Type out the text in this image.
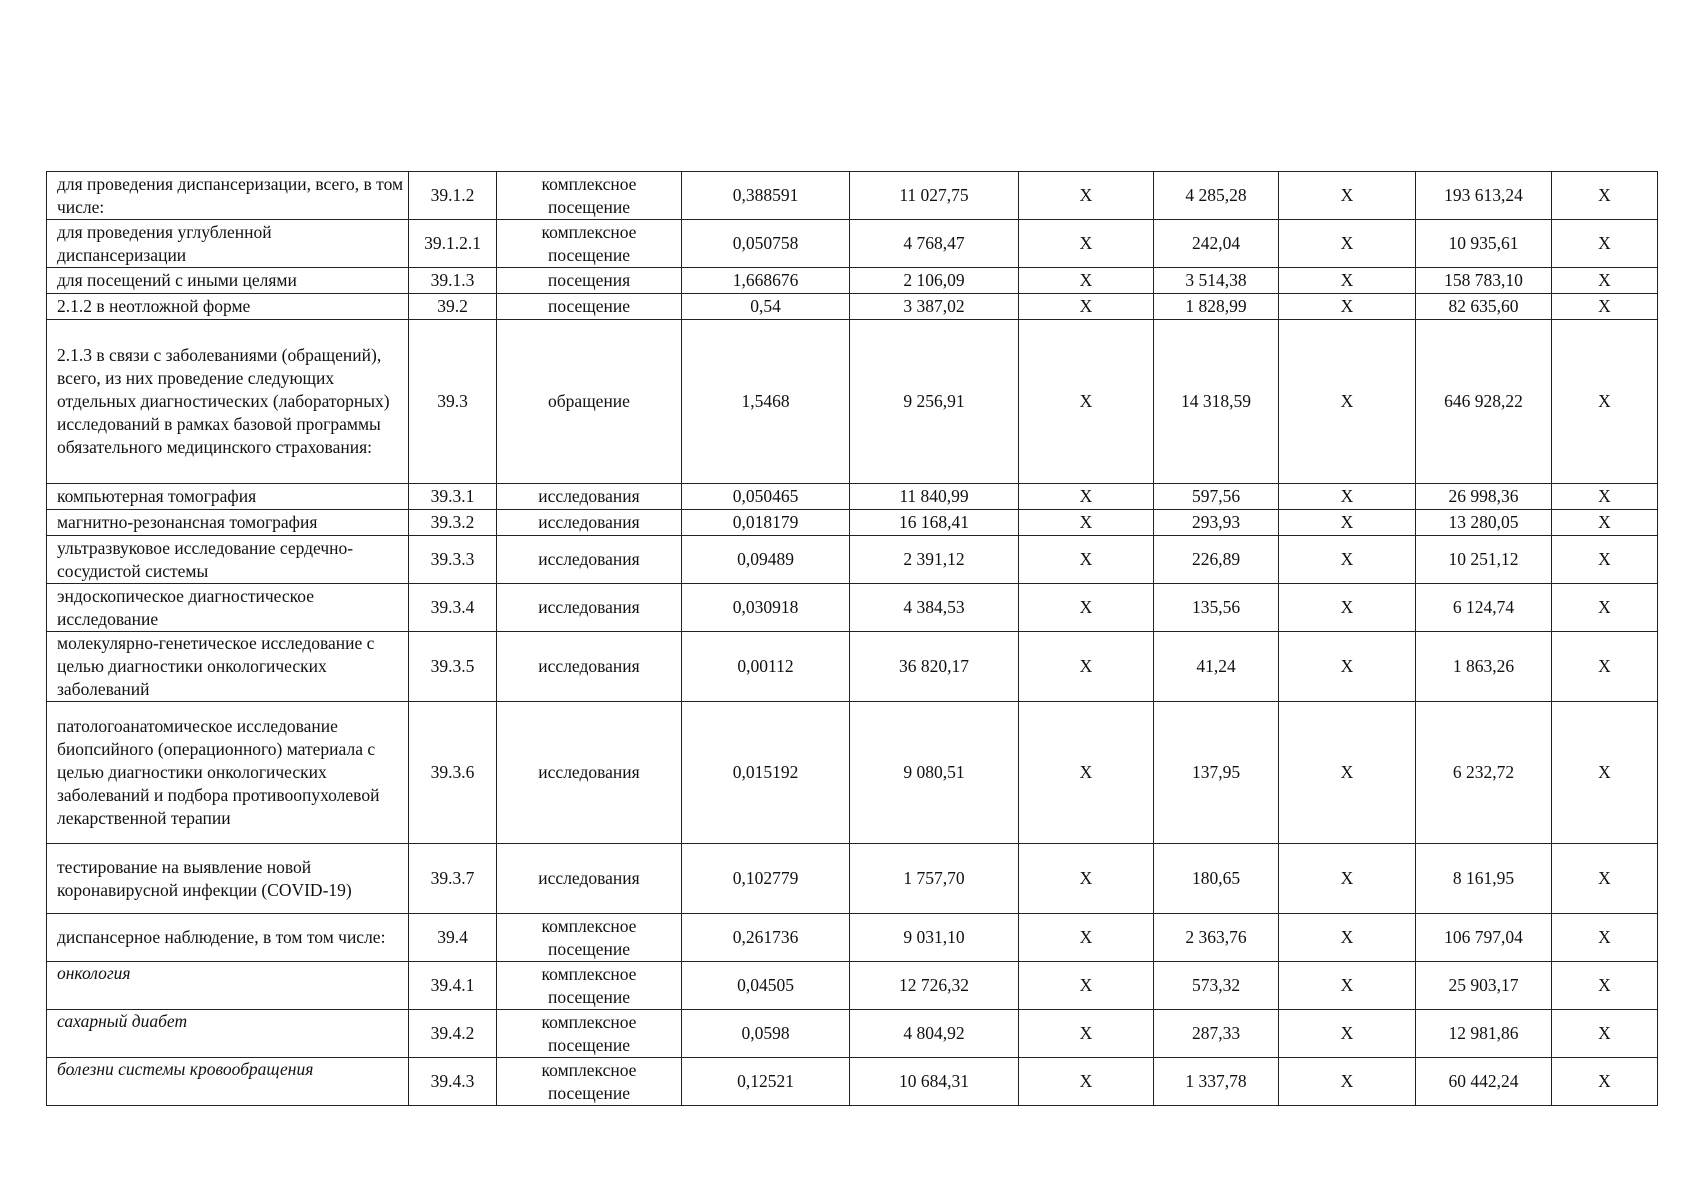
для проведения диспансеризации, всего, в том числе:	39.1.2	комплексное посещение	0,388591	11 027,75	X	4 285,28	X	193 613,24	X
для проведения углубленной диспансеризации	39.1.2.1	комплексное посещение	0,050758	4 768,47	X	242,04	X	10 935,61	X
для посещений с иными целями	39.1.3	посещения	1,668676	2 106,09	X	3 514,38	X	158 783,10	X
2.1.2 в неотложной форме	39.2	посещение	0,54	3 387,02	X	1 828,99	X	82 635,60	X
2.1.3 в связи с заболеваниями (обращений), всего, из них проведение следующих отдельных диагностических (лабораторных) исследований в рамках базовой программы обязательного медицинского страхования:	39.3	обращение	1,5468	9 256,91	X	14 318,59	X	646 928,22	X
компьютерная томография	39.3.1	исследования	0,050465	11 840,99	X	597,56	X	26 998,36	X
магнитно-резонансная томография	39.3.2	исследования	0,018179	16 168,41	X	293,93	X	13 280,05	X
ультразвуковое исследование сердечно-сосудистой системы	39.3.3	исследования	0,09489	2 391,12	X	226,89	X	10 251,12	X
эндоскопическое диагностическое исследование	39.3.4	исследования	0,030918	4 384,53	X	135,56	X	6 124,74	X
молекулярно-генетическое исследование с целью диагностики онкологических заболеваний	39.3.5	исследования	0,00112	36 820,17	X	41,24	X	1 863,26	X
патологоанатомическое исследование биопсийного (операционного) материала с целью диагностики онкологических заболеваний и подбора противоопухолевой лекарственной терапии	39.3.6	исследования	0,015192	9 080,51	X	137,95	X	6 232,72	X
тестирование на выявление новой коронавирусной инфекции (COVID-19)	39.3.7	исследования	0,102779	1 757,70	X	180,65	X	8 161,95	X
диспансерное наблюдение, в том том числе:	39.4	комплексное посещение	0,261736	9 031,10	X	2 363,76	X	106 797,04	X
онкология	39.4.1	комплексное посещение	0,04505	12 726,32	X	573,32	X	25 903,17	X
сахарный диабет	39.4.2	комплексное посещение	0,0598	4 804,92	X	287,33	X	12 981,86	X
болезни системы кровообращения	39.4.3	комплексное посещение	0,12521	10 684,31	X	1 337,78	X	60 442,24	X
